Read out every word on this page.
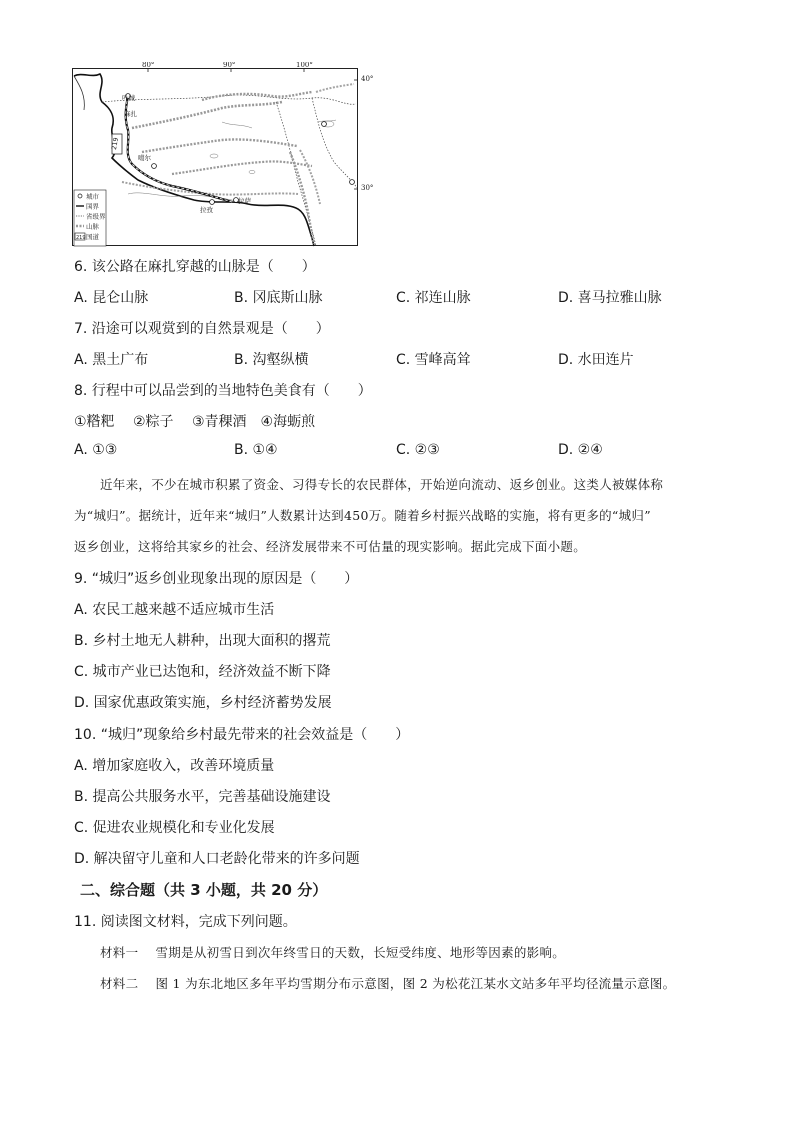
80°	90°	100°
40°
30°
219
叶城
麻扎
噶尔
拉孜
拉萨
城市
国界
省级界
山脉
219 国道
6. 该公路在麻扎穿越的山脉是（　　）
A. 昆仑山脉	B. 冈底斯山脉	C. 祁连山脉	D. 喜马拉雅山脉
7. 沿途可以观赏到的自然景观是（　　）
A. 黑土广布	B. 沟壑纵横	C. 雪峰高耸	D. 水田连片
8. 行程中可以品尝到的当地特色美食有（　　）
①糌粑　 ②粽子　 ③青稞酒　④海蛎煎
A. ①③	B. ①④	C. ②③	D. ②④
近年来，不少在城市积累了资金、习得专长的农民群体，开始逆向流动、返乡创业。这类人被媒体称
为“城归”。据统计，近年来“城归”人数累计达到450万。随着乡村振兴战略的实施，将有更多的“城归”
返乡创业，这将给其家乡的社会、经济发展带来不可估量的现实影响。据此完成下面小题。
9. “城归”返乡创业现象出现的原因是（　　）
A. 农民工越来越不适应城市生活
B. 乡村土地无人耕种，出现大面积的撂荒
C. 城市产业已达饱和，经济效益不断下降
D. 国家优惠政策实施，乡村经济蓄势发展
10. “城归”现象给乡村最先带来的社会效益是（　　）
A. 增加家庭收入，改善环境质量
B. 提高公共服务水平，完善基础设施建设
C. 促进农业规模化和专业化发展
D. 解决留守儿童和人口老龄化带来的许多问题
二、综合题（共 3 小题，共 20 分）
11. 阅读图文材料，完成下列问题。
材料一　 雪期是从初雪日到次年终雪日的天数，长短受纬度、地形等因素的影响。
材料二　 图 1 为东北地区多年平均雪期分布示意图，图 2 为松花江某水文站多年平均径流量示意图。
